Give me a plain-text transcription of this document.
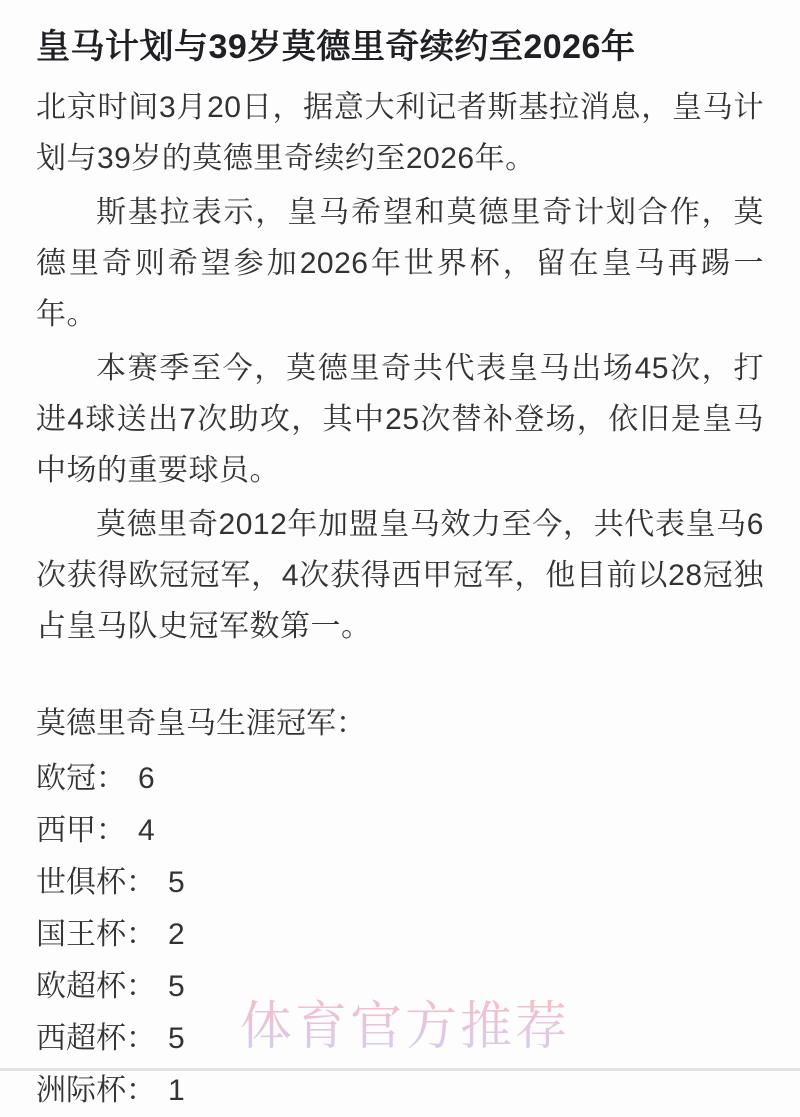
皇马计划与39岁莫德里奇续约至2026年

北京时间3月20日，据意大利记者斯基拉消息，皇马计划与39岁的莫德里奇续约至2026年。

斯基拉表示，皇马希望和莫德里奇计划合作，莫德里奇则希望参加2026年世界杯，留在皇马再踢一年。

本赛季至今，莫德里奇共代表皇马出场45次，打进4球送出7次助攻，其中25次替补登场，依旧是皇马中场的重要球员。

莫德里奇2012年加盟皇马效力至今，共代表皇马6次获得欧冠冠军，4次获得西甲冠军，他目前以28冠独占皇马队史冠军数第一。

莫德里奇皇马生涯冠军：

欧冠： 6
西甲： 4
世俱杯： 5
国王杯： 2
欧超杯： 5
西超杯： 5
洲际杯： 1
体育官方推荐
